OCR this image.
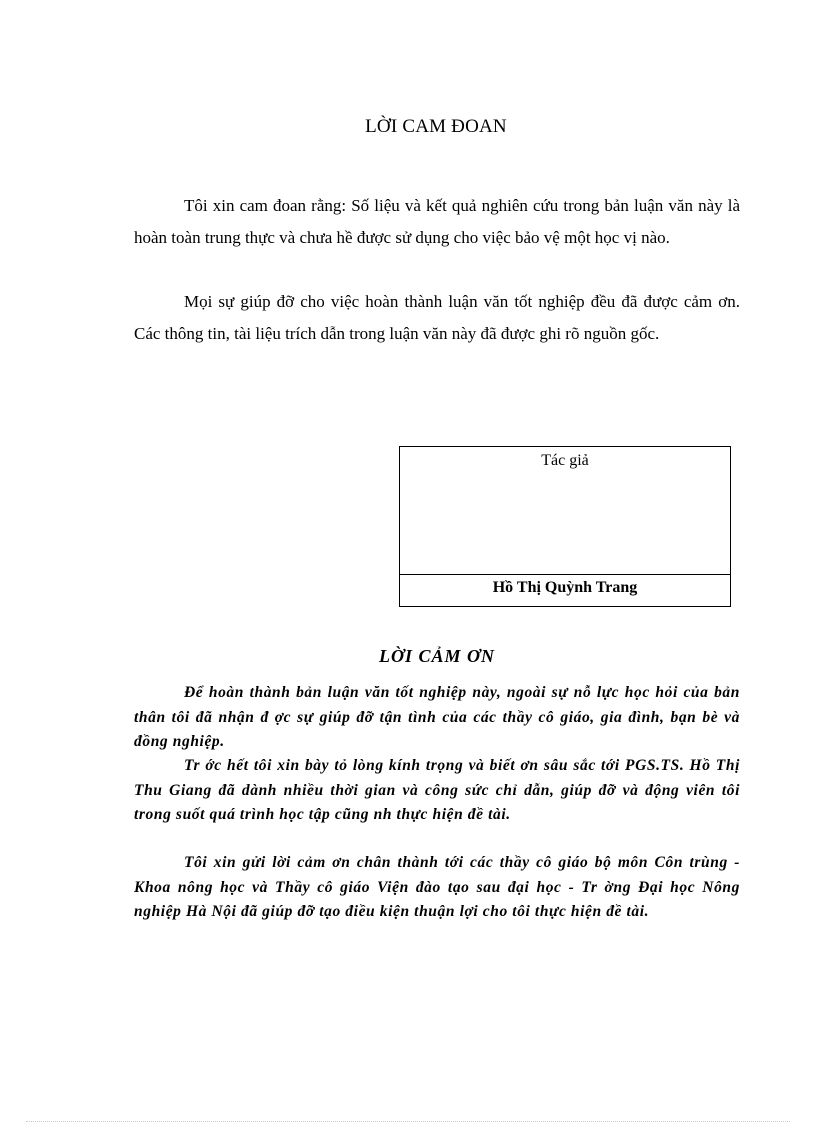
LỜI CAM ĐOAN

Tôi xin cam đoan rằng: Số liệu và kết quả nghiên cứu trong bản luận văn này là hoàn toàn trung thực và chưa hề được sử dụng cho việc bảo vệ một học vị nào.

Mọi sự giúp đỡ cho việc hoàn thành luận văn tốt nghiệp đều đã được cảm ơn. Các thông tin, tài liệu trích dẫn trong luận văn này đã được ghi rõ nguồn gốc.

Tác giả
Hồ Thị Quỳnh Trang
LỜI CẢM ƠN

Để hoàn thành bản luận văn tốt nghiệp này, ngoài sự nỗ lực học hỏi của bản thân tôi đã nhận đ ợc sự giúp đỡ tận tình của các thầy cô giáo, gia đình, bạn bè và đồng nghiệp.

Tr ớc hết tôi xin bày tỏ lòng kính trọng và biết ơn sâu sắc tới PGS.TS. Hồ Thị Thu Giang đã dành nhiều thời gian và công sức chỉ dẫn, giúp đỡ và động viên tôi trong suốt quá trình học tập cũng nh thực hiện đề tài.

Tôi xin gửi lời cảm ơn chân thành tới các thầy cô giáo bộ môn Côn trùng - Khoa nông học và Thầy cô giáo Viện đào tạo sau đại học - Tr ờng Đại học Nông nghiệp Hà Nội đã giúp đỡ tạo điều kiện thuận lợi cho tôi thực hiện đề tài.
